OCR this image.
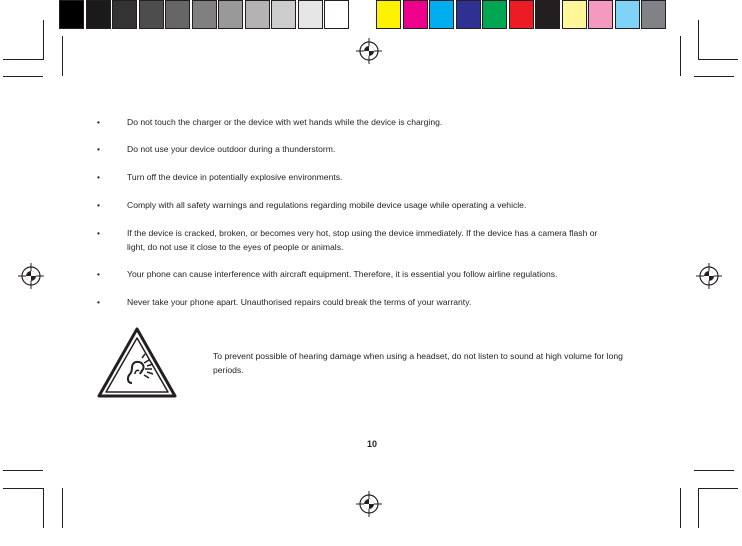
•	Do not touch the charger or the device with wet hands while the device is charging.
•	Do not use your device outdoor during a thunderstorm.
•	Turn off the device in potentially explosive environments.
•	Comply with all safety warnings and regulations regarding mobile device usage while operating a vehicle.
•	If the device is cracked, broken, or becomes very hot, stop using the device immediately. If the device has a camera flash or light, do not use it close to the eyes of people or animals.
•	Your phone can cause interference with aircraft equipment. Therefore, it is essential you follow airline regulations.
•	Never take your phone apart. Unauthorised repairs could break the terms of your warranty.
To prevent possible of hearing damage when using a headset, do not listen to sound at high volume for long periods.
10
